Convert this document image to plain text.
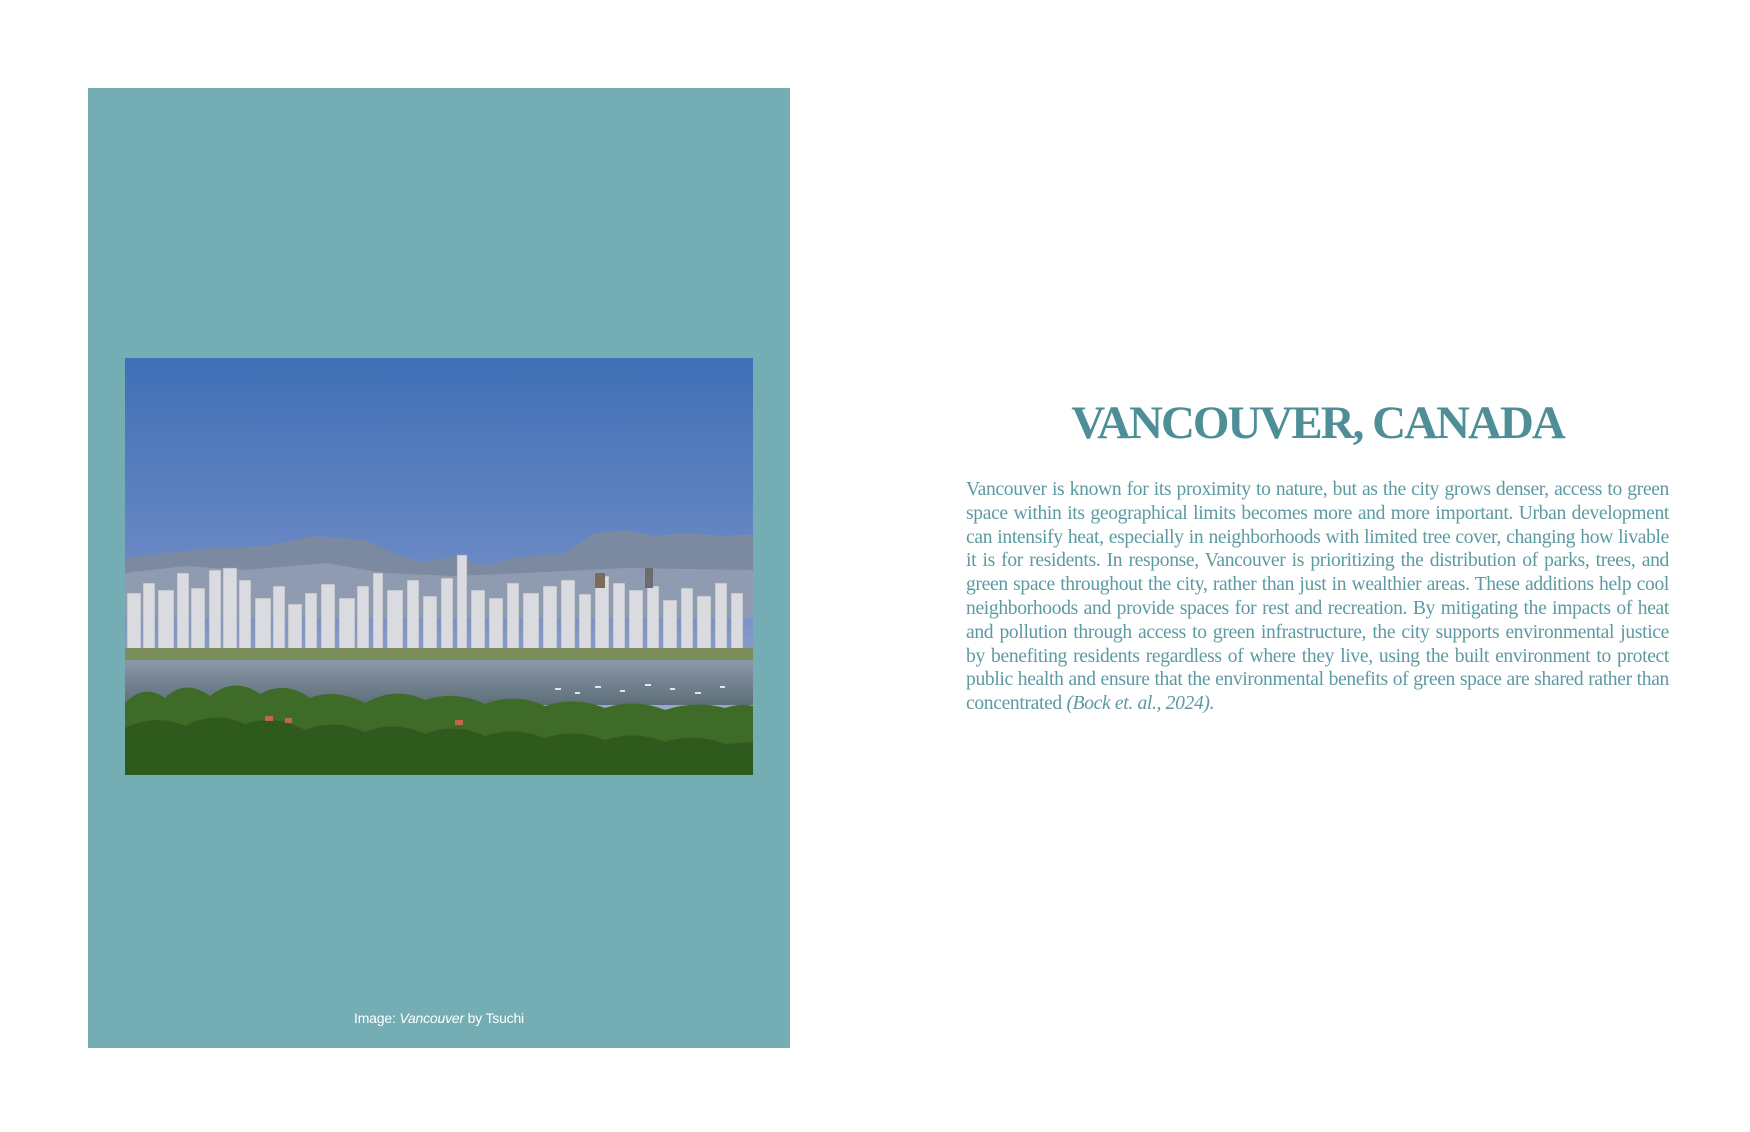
Image: Vancouver by Tsuchi
VANCOUVER, CANADA

Vancouver is known for its proximity to nature, but as the city grows denser, access to green space within its geographical limits becomes more and more important. Urban development can intensify heat, especially in neighborhoods with limited tree cover, changing how livable it is for residents. In response, Vancouver is prioritizing the distribution of parks, trees, and green space throughout the city, rather than just in wealthier areas. These additions help cool neighborhoods and provide spaces for rest and recreation. By mitigating the impacts of heat and pollution through access to green infrastructure, the city supports environmental justice by benefiting residents regardless of where they live, using the built environment to protect public health and ensure that the environmental benefits of green space are shared rather than concentrated (Bock et. al., 2024).
